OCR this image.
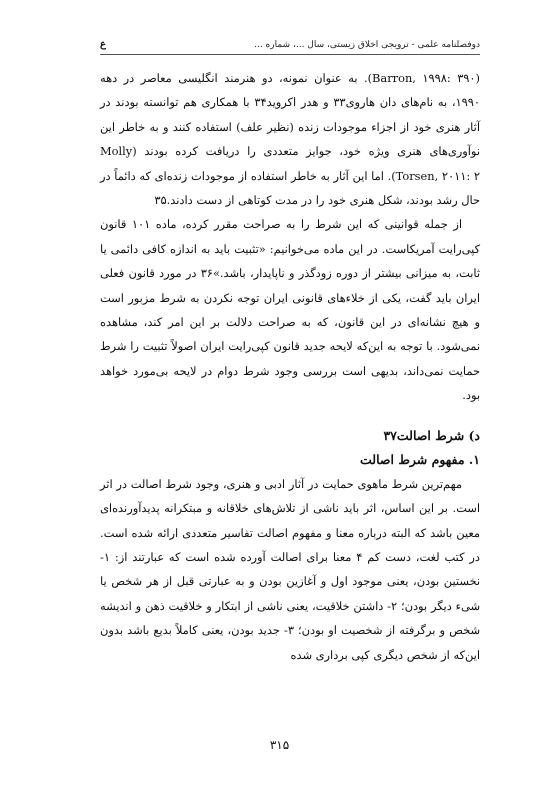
دوفصلنامه علمی - ترویجی اخلاق زیستی، سال ...، شماره ...
ع

(Barron, ۱۹۹۸: ۳۹۰). به عنوان نمونه، دو هنرمند انگلیسی معاصر در دهه ۱۹۹۰، به نام‌های دان هاروی۳۳ و هدر اکروید۳۴ با همکاری هم توانسته بودند در آثار هنری خود از اجزاء موجودات زنده (نظیر علف) استفاده کنند و به خاطر این نوآوری‌های هنری ویژه خود، جوایز متعددی را دریافت کرده بودند (Molly Torsen, ۲۰۱۱: ۲). اما این آثار به خاطر استفاده از موجودات زنده‌ای که دائماً در حال رشد بودند، شکل هنری خود را در مدت کوتاهی از دست دادند.۳۵

از جمله قوانینی که این شرط را به صراحت مقرر کرده، ماده ۱۰۱ قانون کپی‌رایت آمریکاست. در این ماده می‌خوانیم: «تثبیت باید به اندازه کافی دائمی یا ثابت، به میزانی بیشتر از دوره زودگذر و ناپایدار، باشد.»۳۶ در مورد قانون فعلی ایران باید گفت، یکی از خلاءهای قانونی ایران توجه نکردن به شرط مزبور است و هیچ نشانه‌ای در این قانون، که به صراحت دلالت بر این امر کند، مشاهده نمی‌شود. با توجه به این‌که لایحه جدید قانون کپی‌رایت ایران اصولاً تثبیت را شرط حمایت نمی‌داند، بدیهی است بررسی وجود شرط دوام در لایحه بی‌مورد خواهد بود.

د) شرط اصالت۳۷
۱. مفهوم شرط اصالت

مهم‌ترین شرط ماهوی حمایت در آثار ادبی و هنری، وجود شرط اصالت در اثر است. بر این اساس، اثر باید ناشی از تلاش‌های خلاقانه و مبتکرانه پدیدآورنده‌ای معین باشد که البته درباره معنا و مفهوم اصالت تفاسیر متعددی ارائه شده است. در کتب لغت، دست کم ۴ معنا برای اصالت آورده شده است که عبارتند از: ۱- نخستین بودن، یعنی موجود اول و آغازین بودن و به عبارتی قبل از هر شخص یا شیء دیگر بودن؛ ۲- داشتن خلاقیت، یعنی ناشی از ابتکار و خلاقیت ذهن و اندیشه شخص و برگرفته از شخصیت او بودن؛ ۳- جدید بودن، یعنی کاملاً بدیع باشد بدون این‌که از شخص دیگری کپی برداری شده

۳۱۵
